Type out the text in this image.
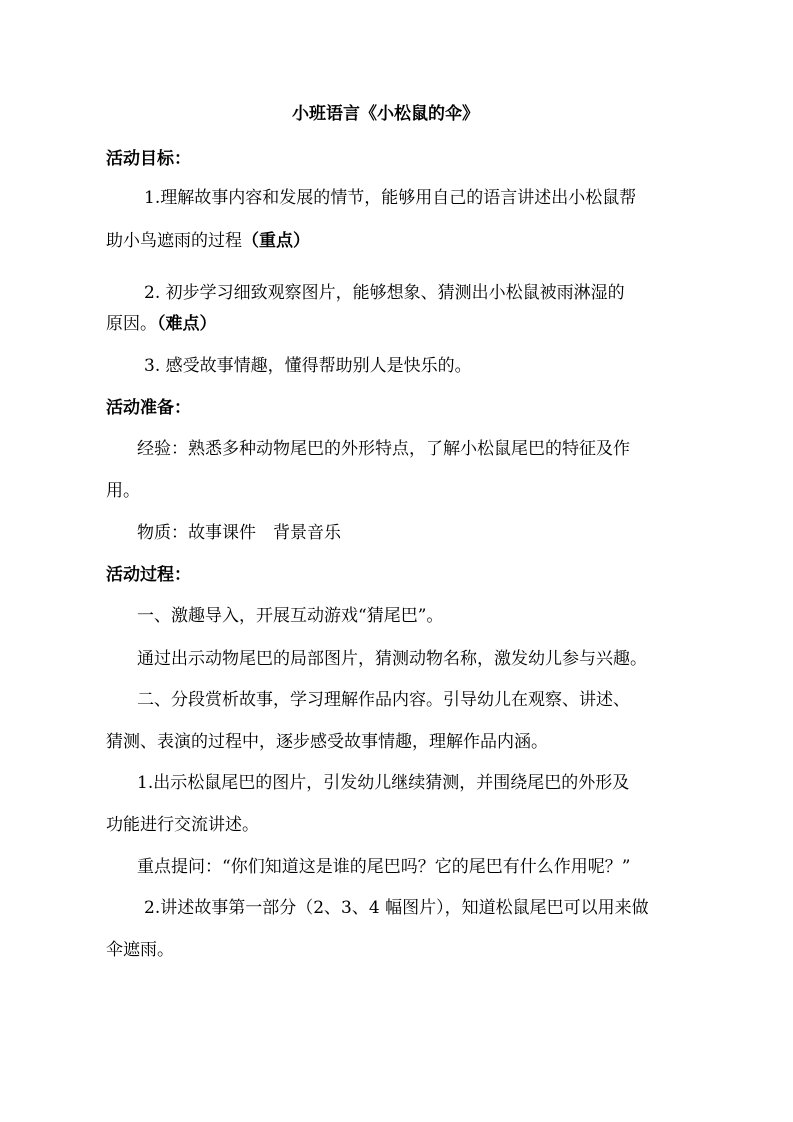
小班语言《小松鼠的伞》
活动目标：
1.理解故事内容和发展的情节，能够用自己的语言讲述出小松鼠帮
助小鸟遮雨的过程（重点）
2. 初步学习细致观察图片，能够想象、猜测出小松鼠被雨淋湿的
原因。（难点）
3. 感受故事情趣，懂得帮助别人是快乐的。
活动准备：
经验：熟悉多种动物尾巴的外形特点，了解小松鼠尾巴的特征及作
用。
物质：故事课件　背景音乐
活动过程：
一、激趣导入，开展互动游戏“猜尾巴”。
通过出示动物尾巴的局部图片，猜测动物名称，激发幼儿参与兴趣。
二、分段赏析故事，学习理解作品内容。引导幼儿在观察、讲述、
猜测、表演的过程中，逐步感受故事情趣，理解作品内涵。
1.出示松鼠尾巴的图片，引发幼儿继续猜测，并围绕尾巴的外形及
功能进行交流讲述。
重点提问：“你们知道这是谁的尾巴吗？它的尾巴有什么作用呢？”
2.讲述故事第一部分（2、3、4 幅图片），知道松鼠尾巴可以用来做
伞遮雨。
